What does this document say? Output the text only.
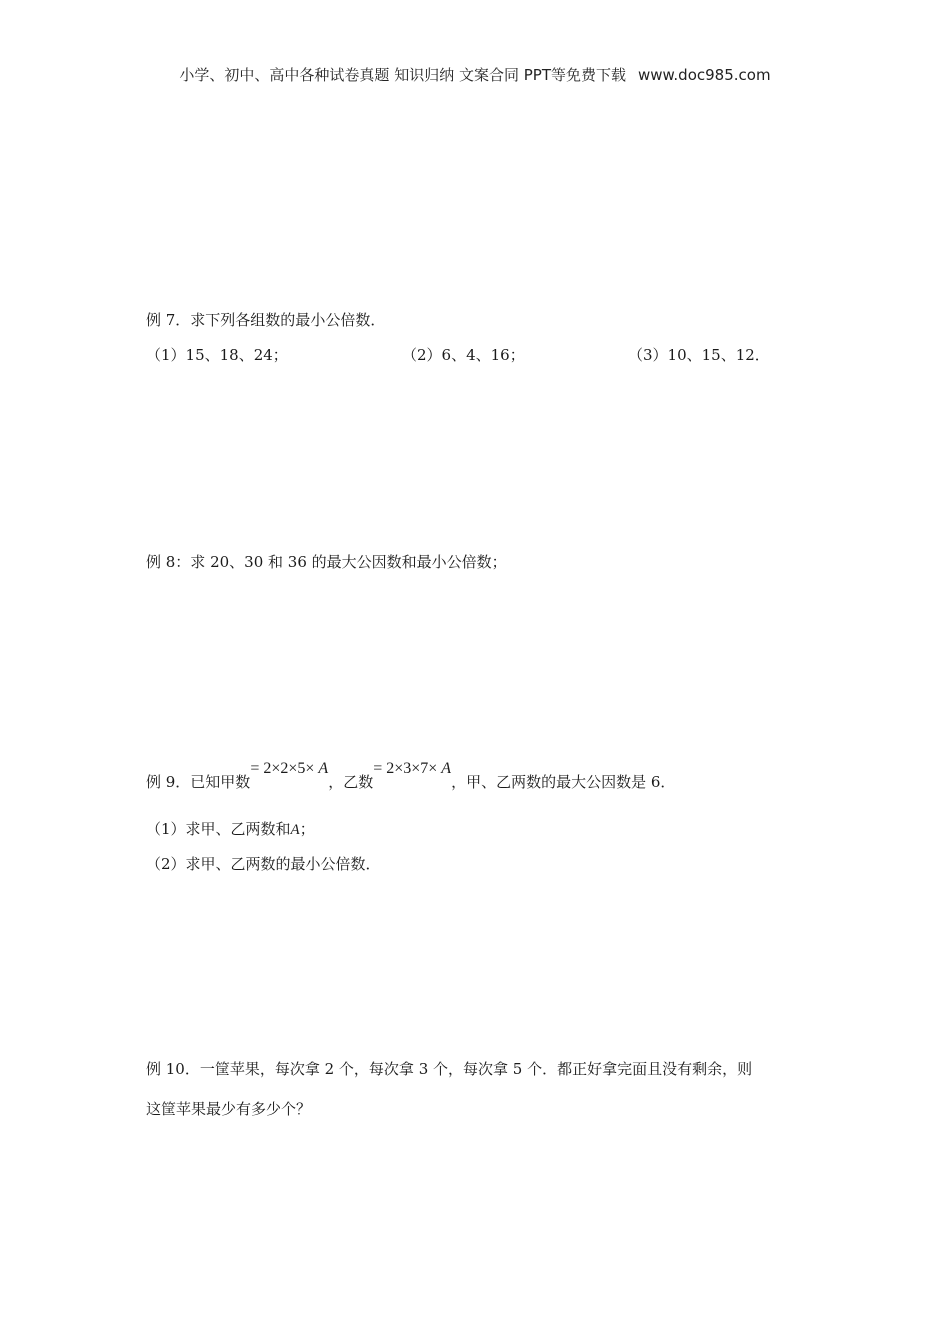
小学、初中、高中各种试卷真题 知识归纳 文案合同 PPT等免费下载 www.doc985.com
例 7．求下列各组数的最小公倍数．
（1）15、18、24；	（2）6、4、16；	（3）10、15、12．
例 8：求 20、30 和 36 的最大公因数和最小公倍数；
例 9．已知甲数= 2×2×5× A，乙数= 2×3×7× A，甲、乙两数的最大公因数是 6．
（1）求甲、乙两数和A；
（2）求甲、乙两数的最小公倍数．
例 10．一筐苹果，每次拿 2 个，每次拿 3 个，每次拿 5 个．都正好拿完面且没有剩余，则
这筐苹果最少有多少个？
